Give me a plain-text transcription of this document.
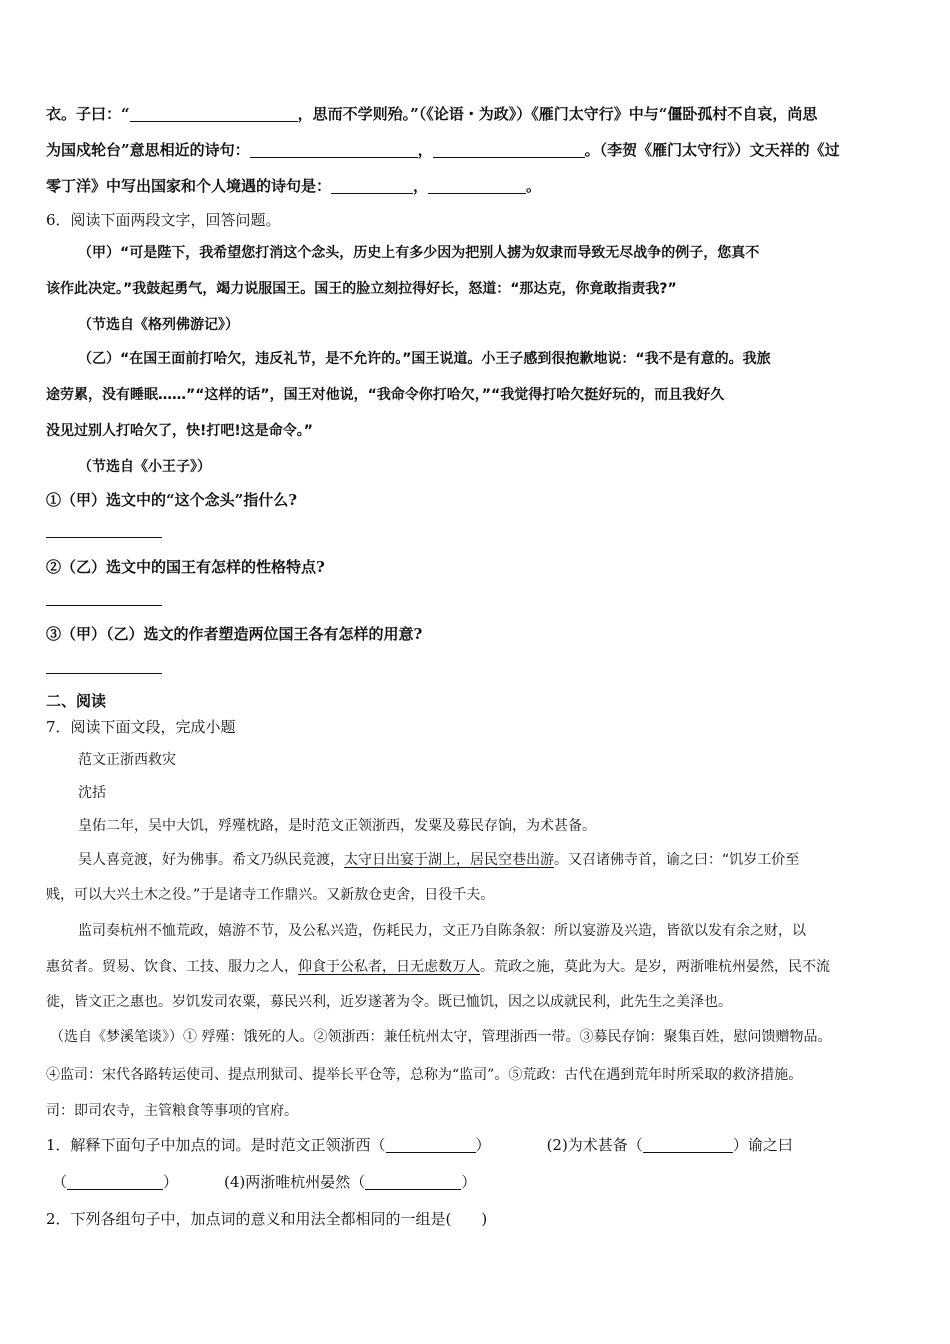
衣。子曰：“	，思而不学则殆。”（《论语・为政》）《雁门太守行》中与“僵卧孤村不自哀，尚思
为国戍轮台”意思相近的诗句：	，	。（李贺《雁门太守行》）文天祥的《过
零丁洋》中写出国家和个人境遇的诗句是：	，	。
6．阅读下面两段文字，回答问题。
（甲）“可是陛下，我希望您打消这个念头，历史上有多少因为把别人掳为奴隶而导致无尽战争的例子，您真不
该作此决定。”我鼓起勇气，竭力说服国王。国王的脸立刻拉得好长，怒道：“那达克，你竟敢指责我?”
（节选自《格列佛游记》）
（乙）“在国王面前打哈欠，违反礼节，是不允许的。”国王说道。小王子感到很抱歉地说：“我不是有意的。我旅
途劳累，没有睡眠……”“这样的话”，国王对他说，“我命令你打哈欠，”“我觉得打哈欠挺好玩的，而且我好久
没见过别人打哈欠了，快!打吧!这是命令。”
（节选自《小王子》）
①（甲）选文中的“这个念头”指什么?
②（乙）选文中的国王有怎样的性格特点?
③（甲）（乙）选文的作者塑造两位国王各有怎样的用意?
二、阅读
7．阅读下面文段，完成小题
范文正浙西救灾
沈括
皇佑二年，吴中大饥，殍殣枕路，是时范文正领浙西，发粟及募民存饷，为术甚备。
吴人喜竞渡，好为佛事。希文乃纵民竞渡，太守日出宴于湖上，居民空巷出游。又召诸佛寺首，谕之曰：“饥岁工价至
贱，可以大兴土木之役。”于是诸寺工作鼎兴。又新敖仓吏舍，日役千夫。
监司奏杭州不恤荒政，嬉游不节，及公私兴造，伤耗民力，文正乃自陈条叙：所以宴游及兴造，皆欲以发有余之财，以
惠贫者。贸易、饮食、工技、服力之人，仰食于公私者，日无虑数万人。荒政之施，莫此为大。是岁，两浙唯杭州晏然，民不流
徙，皆文正之惠也。岁饥发司农粟，募民兴利，近岁遂著为令。既已恤饥，因之以成就民利，此先生之美泽也。
（选自《梦溪笔谈》）① 殍殣：饿死的人。②领浙西：兼任杭州太守，管理浙西一带。③募民存饷：聚集百姓，慰问馈赠物品。
④监司：宋代各路转运使司、提点刑狱司、提举长平仓等，总称为“监司”。⑤荒政：古代在遇到荒年时所采取的救济措施。
司：即司农寺，主管粮食等事项的官府。
1．解释下面句子中加点的词。是时范文正领浙西（	）	(2)为术甚备（	）谕之曰
（	）	(4)两浙唯杭州晏然（	）
2．下列各组句子中，加点词的意义和用法全都相同的一组是(　　)
